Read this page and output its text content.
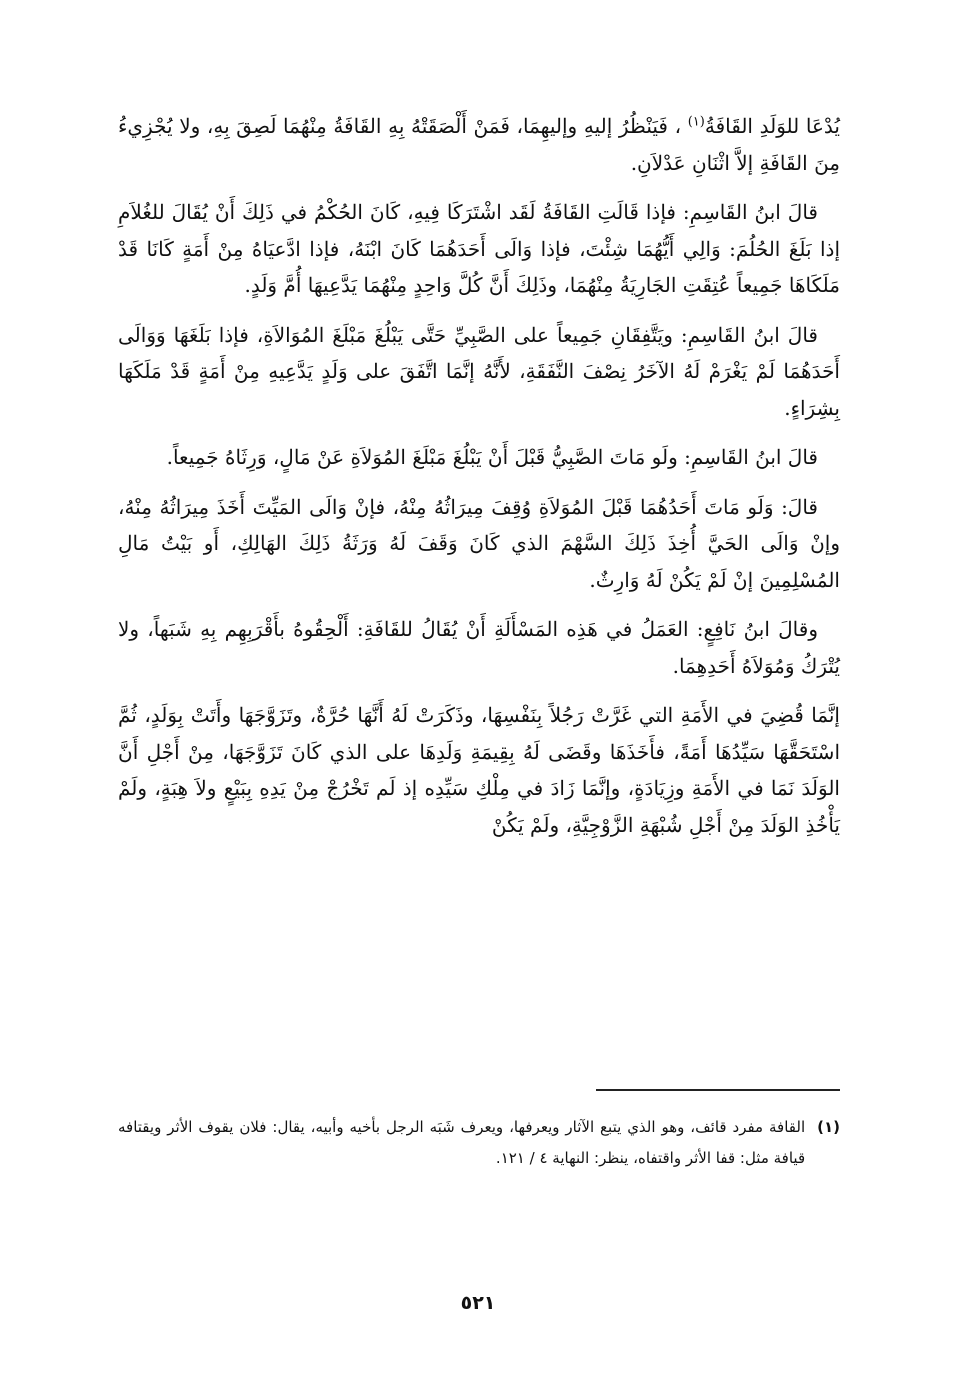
يُدْعَا للوَلَدِ القَافَةُ$^{(١)}$ ، فَيَنْظُرُ إليهِ وإليهِمَا، فَمَنْ أَلْصَقَتْهُ بِهِ القَافَةُ مِنْهُمَا لَصِقَ بِهِ، ولا يُجْزِيءُ مِنَ القَافَةِ إلاَّ اثْنَانِ عَدْلاَنِ.

قالَ ابنُ القَاسِمِ: فإذا قَالَتِ القَافَةُ لَقَد اشْتَرَكَا فِيهِ، كَانَ الحُكْمُ في ذَلِكَ أَنْ يُقَالَ للغُلاَمِ إذا بَلَغَ الحُلُمَ: وَالِي أَيُّهُمَا شِئْتَ، فإذا وَالَى أَحَدَهُمَا كَانَ ابْنَهُ، فإذا ادَّعيَاهُ مِنْ أَمَةٍ كَانَا قَدْ مَلَكَاهَا جَمِيعاً عُتِقَتِ الجَارِيَةُ مِنْهُمَا، وذَلِكَ أَنَّ كُلَّ وَاحِدٍ مِنْهُمَا يَدَّعِيهَا أُمَّ وَلَدٍ.

قالَ ابنُ القَاسِمِ: ويَتَّفِقَانِ جَمِيعاً على الصَّبِيِّ حَتَّى يَبْلُغَ مَبْلَغَ المُوَالاَةِ، فإذا بَلَغَهَا وَوَالَى أَحَدَهُمَا لَمْ يَغْرَمْ لَهُ الآخَرُ نِصْفَ النَّفَقَةِ، لأَنَّهُ إنَّمَا اتَّفَقَ على وَلَدٍ يَدَّعِيهِ مِنْ أَمَةٍ قَدْ مَلَكَهَا بِشِرَاءٍ.

قالَ ابنُ القَاسِمِ: ولَو مَاتَ الصَّبِيُّ قَبْلَ أَنْ يَبْلُغَ مَبْلَغَ المُوَلاَةِ عَنْ مَالٍ، وَرِثَاهُ جَمِيعاً.

قالَ: وَلَو مَاتَ أَحَدُهُمَا قَبْلَ المُوَلاَةِ وُقِفَ مِيرَاثُهُ مِنْهُ، فإنْ وَالَى المَيِّتَ أَخَذَ مِيرَاثُهُ مِنْهُ، وإنْ وَالَى الحَيَّ أُخِذَ ذَلِكَ السَّهْمَ الذي كَانَ وَقَفَ لَهُ وَرَثَةُ ذَلِكَ الهَالِكِ، أَو بَيْتُ مَالِ المُسْلِمِينَ إنْ لَمْ يَكُنْ لَهُ وَارِثٌ.

وقالَ ابنُ نَافِعٍ: العَمَلُ في هَذِه المَسْأَلَةِ أَنْ يُقَالُ للقَافَةِ: أَلْحِقُوهُ بأَقْرَبِهِم بِهِ شَبَهاً، ولا يُتْرَكُ وَمُوَلاَهُ أَحَدِهِمَا.

إنَّمَا قُضِيَ في الأَمَةِ التي غَرَّتْ رَجُلاً بِنَفْسِهَا، وذَكَرَتْ لَهُ أَنَّهَا حُرَّةٌ، وتَزَوَّجَهَا وأَتَتْ بِوَلَدٍ، ثُمَّ اسْتَحَقَّهَا سَيِّدُهَا أَمَةً، فأَخَذَهَا وقَضَى لَهُ بِقِيمَةِ وَلَدِهَا على الذي كَانَ تَزَوَّجَهَا، مِنْ أَجْلِ أَنَّ الوَلَدَ نَمَا في الأَمَةِ وزِيَادَةٍ، وإنَّمَا زَادَ في مِلْكِ سَيِّدِه إذ لَم تَخْرُجْ مِنْ يَدِهِ بِبَيْعٍ ولاَ هِبَةٍ، ولَمْ يَأْخُذِ الوَلَدَ مِنْ أَجْلِ شُبْهَةِ الزَّوْجِيَّةِ، ولَمْ يَكُنْ

(١)
القافة مفرد قائف، وهو الذي يتبع الآثار ويعرفها، ويعرف شَبَه الرجل بأخيه وأبيه، يقال: فلان يقوف الأثر ويقتافه قيافة مثل: قفا الأثر واقتفاه، ينظر: النهاية ٤ / ١٢١.
٥٢١
